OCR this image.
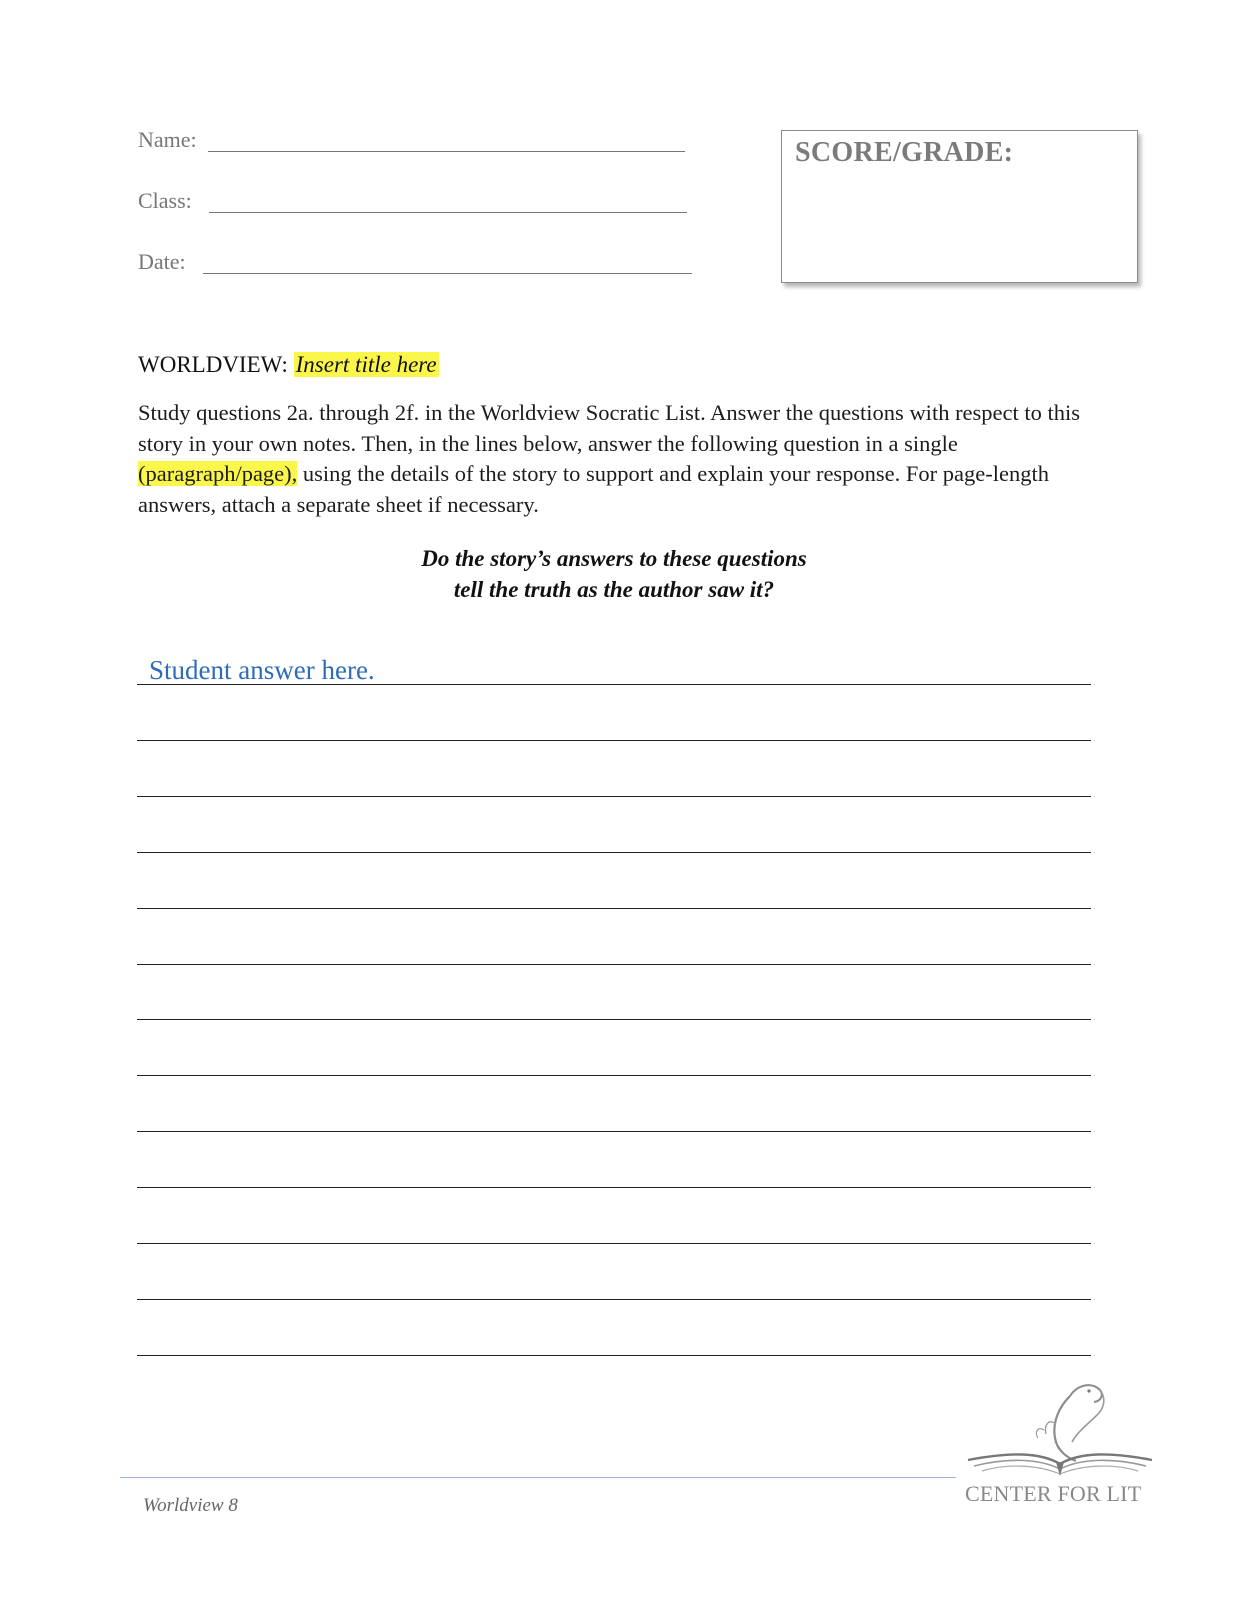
Name:
Class:
Date:
SCORE/GRADE:
WORLDVIEW: Insert title here
Study questions 2a. through 2f. in the Worldview Socratic List. Answer the questions with respect to this story in your own notes. Then, in the lines below, answer the following question in a single (paragraph/page), using the details of the story to support and explain your response. For page-length answers, attach a separate sheet if necessary.
Do the story’s answers to these questions
tell the truth as the author saw it?
Student answer here.
Worldview 8	CENTER FOR LIT
